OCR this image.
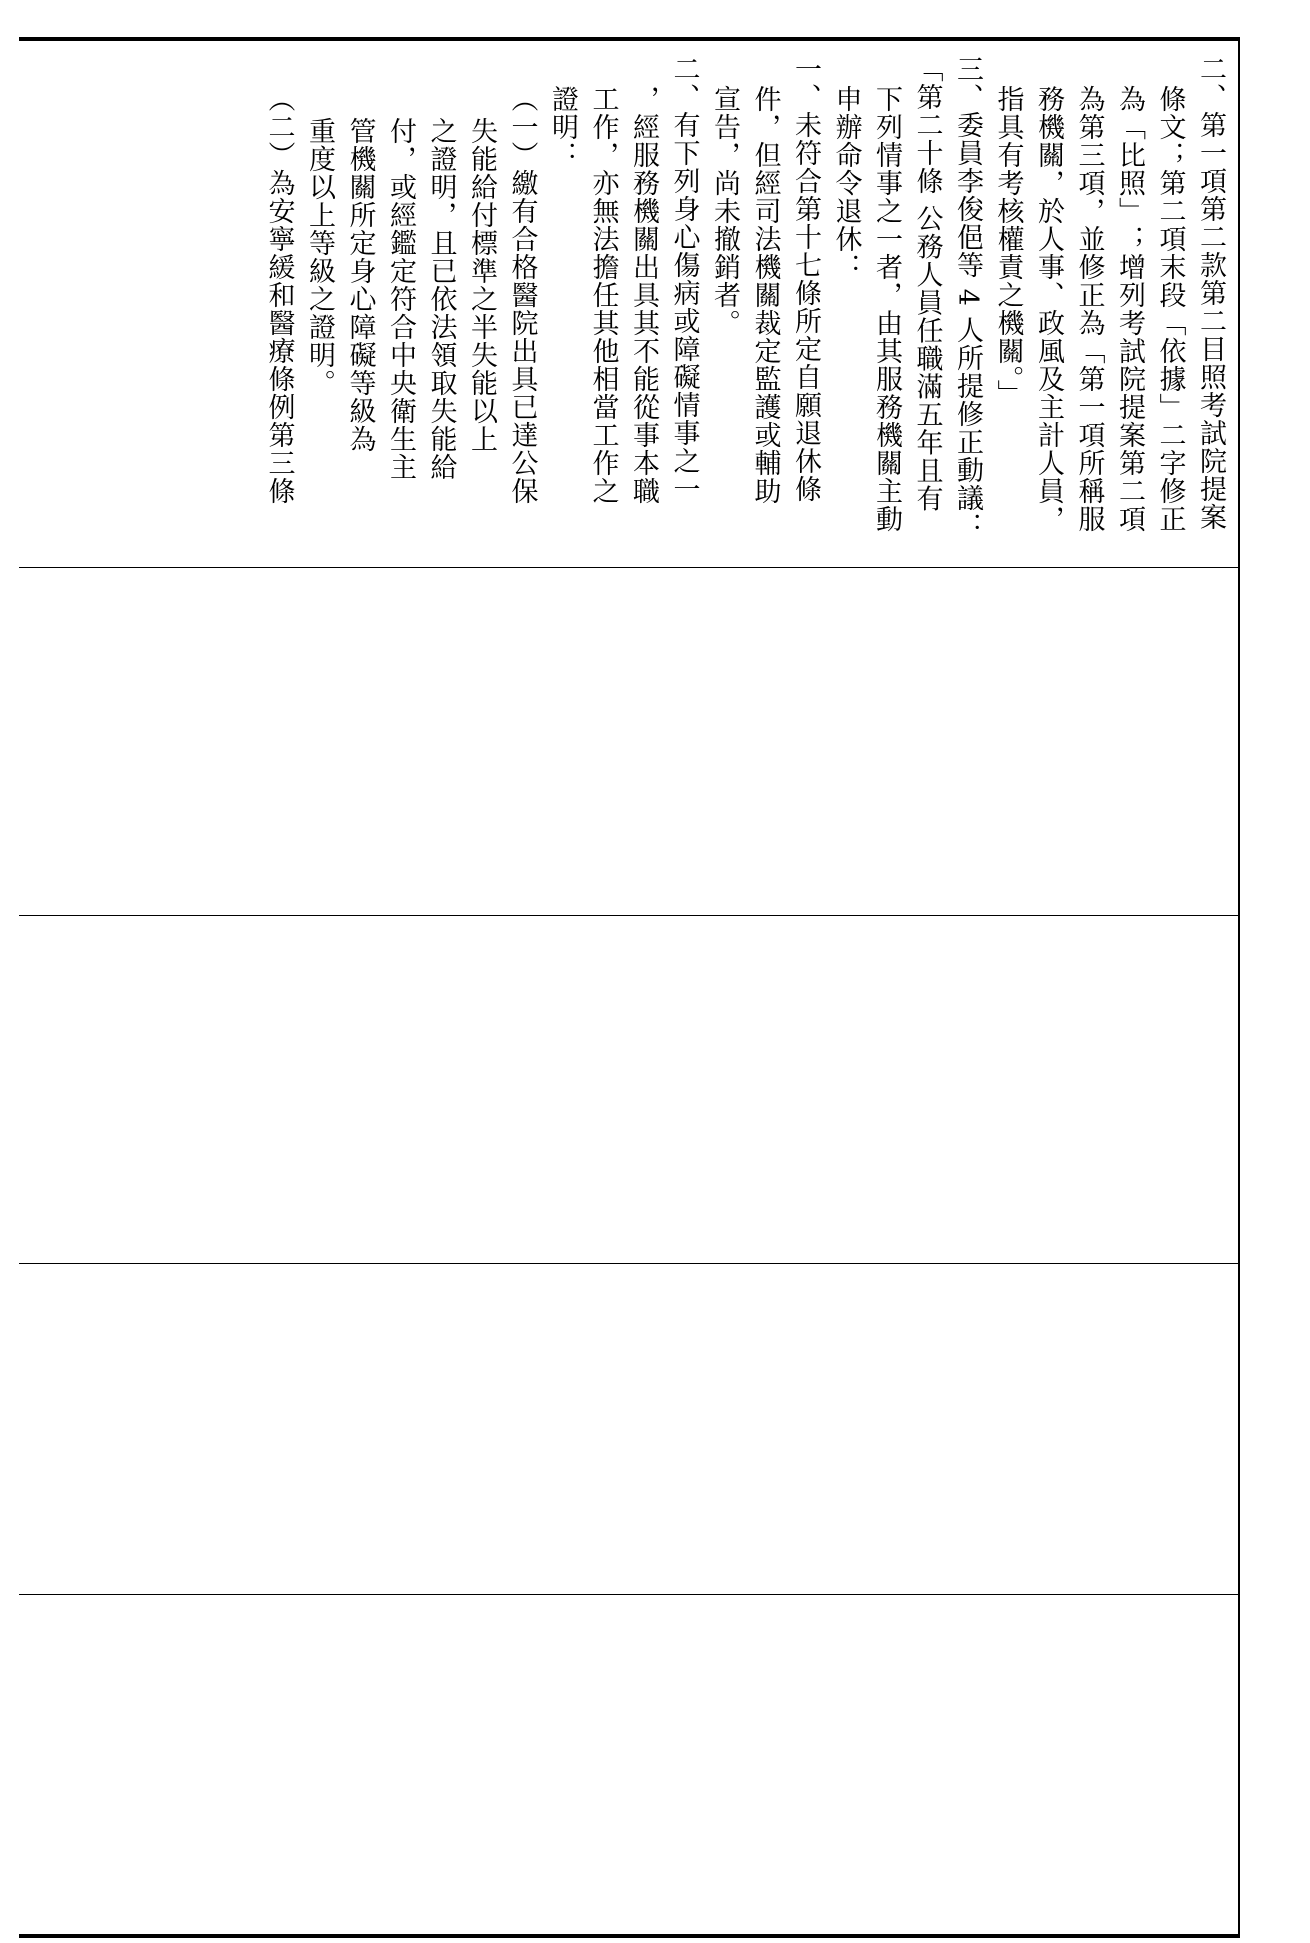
二、第一項第二款第二目照考試院提案
條文；第二項末段「依據」二字修正
為「比照」；增列考試院提案第二項
為第三項，並修正為「第一項所稱服
務機關，於人事、政風及主計人員，
指具有考核權責之機關。」
三、委員李俊俋等 4 人所提修正動議：
「第二十條 公務人員任職滿五年且有
下列情事之一者，由其服務機關主動
申辦命令退休：
一、未符合第十七條所定自願退休條
件，但經司法機關裁定監護或輔助
宣告，尚未撤銷者。
二、有下列身心傷病或障礙情事之一
，經服務機關出具其不能從事本職
工作，亦無法擔任其他相當工作之
證明：
（一）繳有合格醫院出具已達公保
失能給付標準之半失能以上
之證明，且已依法領取失能給
付，或經鑑定符合中央衛生主
管機關所定身心障礙等級為
重度以上等級之證明。
（二）為安寧緩和醫療條例第三條
